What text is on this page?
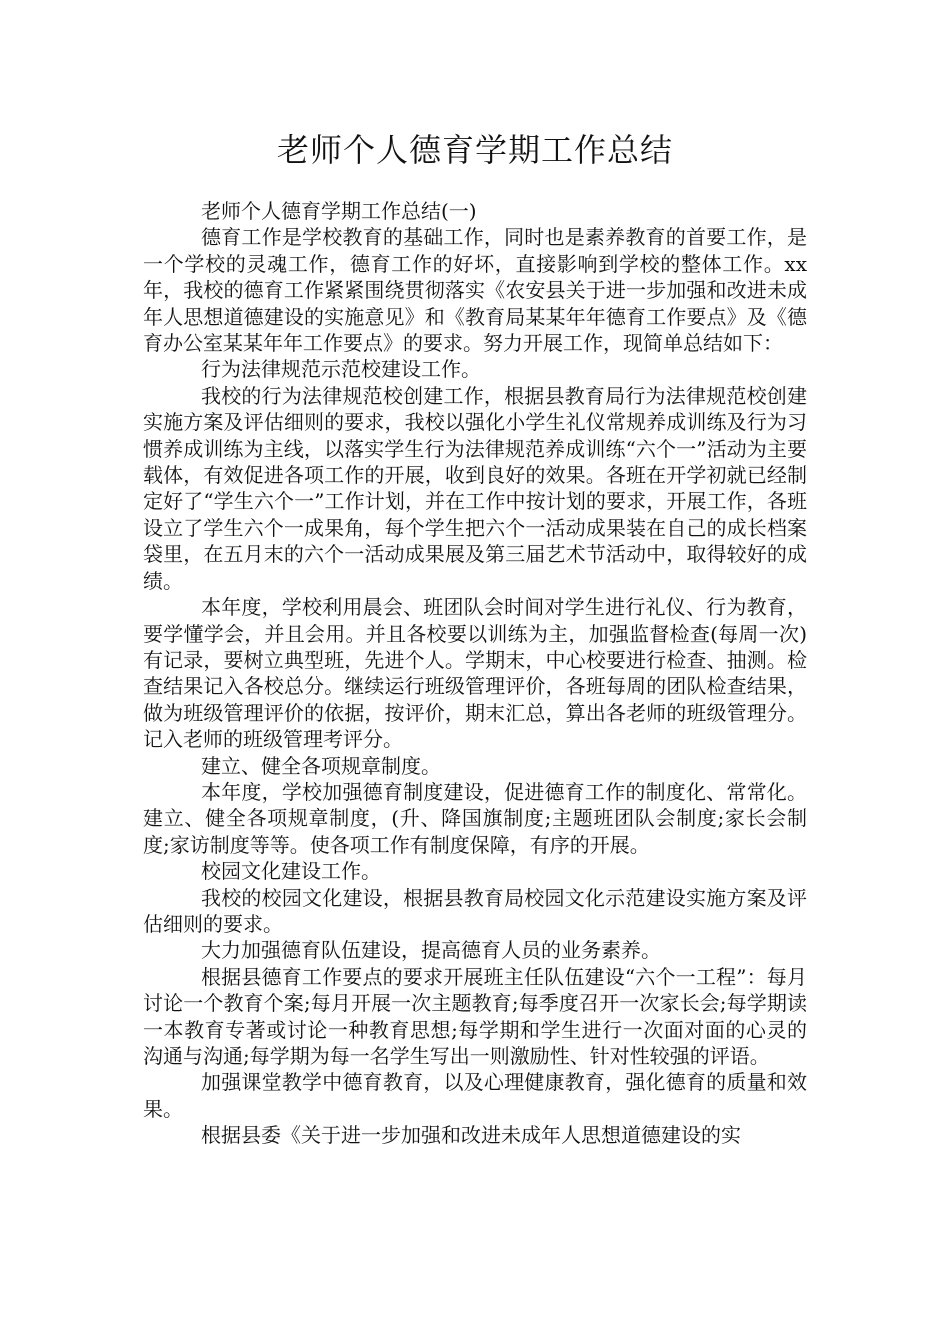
老师个人德育学期工作总结

老师个人德育学期工作总结(一)

德育工作是学校教育的基础工作，同时也是素养教育的首要工作，是一个学校的灵魂工作，德育工作的好坏，直接影响到学校的整体工作。xx年，我校的德育工作紧紧围绕贯彻落实《农安县关于进一步加强和改进未成年人思想道德建设的实施意见》和《教育局某某年年德育工作要点》及《德育办公室某某年年工作要点》的要求。努力开展工作，现简单总结如下：

行为法律规范示范校建设工作。

我校的行为法律规范校创建工作，根据县教育局行为法律规范校创建实施方案及评估细则的要求，我校以强化小学生礼仪常规养成训练及行为习惯养成训练为主线，以落实学生行为法律规范养成训练“六个一”活动为主要载体，有效促进各项工作的开展，收到良好的效果。各班在开学初就已经制定好了“学生六个一”工作计划，并在工作中按计划的要求，开展工作，各班设立了学生六个一成果角，每个学生把六个一活动成果装在自己的成长档案袋里，在五月末的六个一活动成果展及第三届艺术节活动中，取得较好的成绩。

本年度，学校利用晨会、班团队会时间对学生进行礼仪、行为教育，要学懂学会，并且会用。并且各校要以训练为主，加强监督检查(每周一次)有记录，要树立典型班，先进个人。学期末，中心校要进行检查、抽测。检查结果记入各校总分。继续运行班级管理评价，各班每周的团队检查结果，做为班级管理评价的依据，按评价，期末汇总，算出各老师的班级管理分。记入老师的班级管理考评分。

建立、健全各项规章制度。

本年度，学校加强德育制度建设，促进德育工作的制度化、常常化。建立、健全各项规章制度，(升、降国旗制度;主题班团队会制度;家长会制度;家访制度等等。使各项工作有制度保障，有序的开展。

校园文化建设工作。

我校的校园文化建设，根据县教育局校园文化示范建设实施方案及评估细则的要求。

大力加强德育队伍建设，提高德育人员的业务素养。

根据县德育工作要点的要求开展班主任队伍建设“六个一工程”：每月讨论一个教育个案;每月开展一次主题教育;每季度召开一次家长会;每学期读一本教育专著或讨论一种教育思想;每学期和学生进行一次面对面的心灵的沟通与沟通;每学期为每一名学生写出一则激励性、针对性较强的评语。

加强课堂教学中德育教育，以及心理健康教育，强化德育的质量和效果。

根据县委《关于进一步加强和改进未成年人思想道德建设的实
